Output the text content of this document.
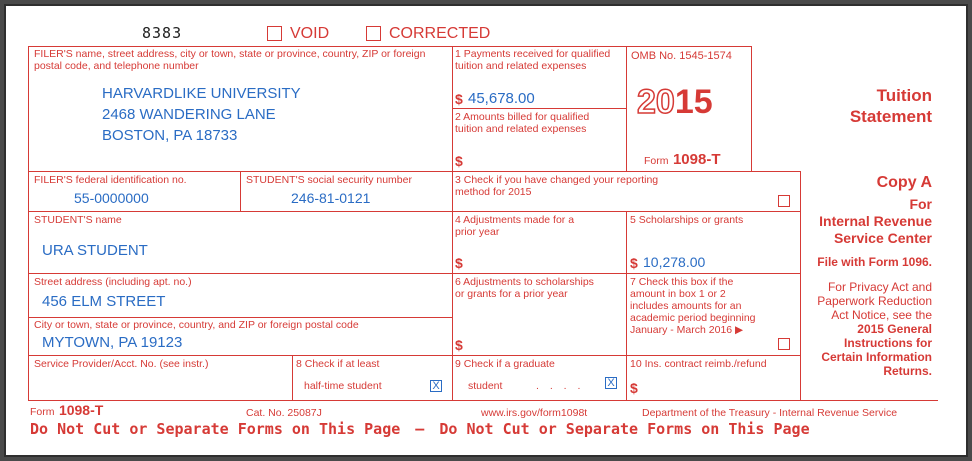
8383	VOID	CORRECTED
FILER'S name, street address, city or town, state or province, country, ZIP or foreign postal code, and telephone number
HARVARDLIKE UNIVERSITY
2468 WANDERING LANE
BOSTON, PA 18733
1 Payments received for qualified tuition and related expenses
$ 45,678.00
2 Amounts billed for qualified tuition and related expenses
$
OMB No. 1545-1574
2015
Form 1098-T
Tuition
Statement
Copy A
For
Internal Revenue
Service Center
File with Form 1096.
For Privacy Act and
Paperwork Reduction
Act Notice, see the
2015 General
Instructions for
Certain Information
Returns.
FILER'S federal identification no.
55-0000000
STUDENT'S social security number
246-81-0121
3 Check if you have changed your reporting method for 2015
STUDENT'S name
URA STUDENT
4 Adjustments made for a prior year
$
5 Scholarships or grants
$ 10,278.00
Street address (including apt. no.)
456 ELM STREET
City or town, state or province, country, and ZIP or foreign postal code
MYTOWN, PA 19123
6 Adjustments to scholarships or grants for a prior year
$
7 Check this box if the amount in box 1 or 2 includes amounts for an academic period beginning January - March 2016 ▶
Service Provider/Acct. No. (see instr.)	8 Check if at least
half-time student	X
9 Check if a graduate
student	. . . . X
10 Ins. contract reimb./refund
$
Form 1098-T	Cat. No. 25087J	www.irs.gov/form1098t	Department of the Treasury - Internal Revenue Service
Do Not Cut or Separate Forms on This Page — Do Not Cut or Separate Forms on This Page
